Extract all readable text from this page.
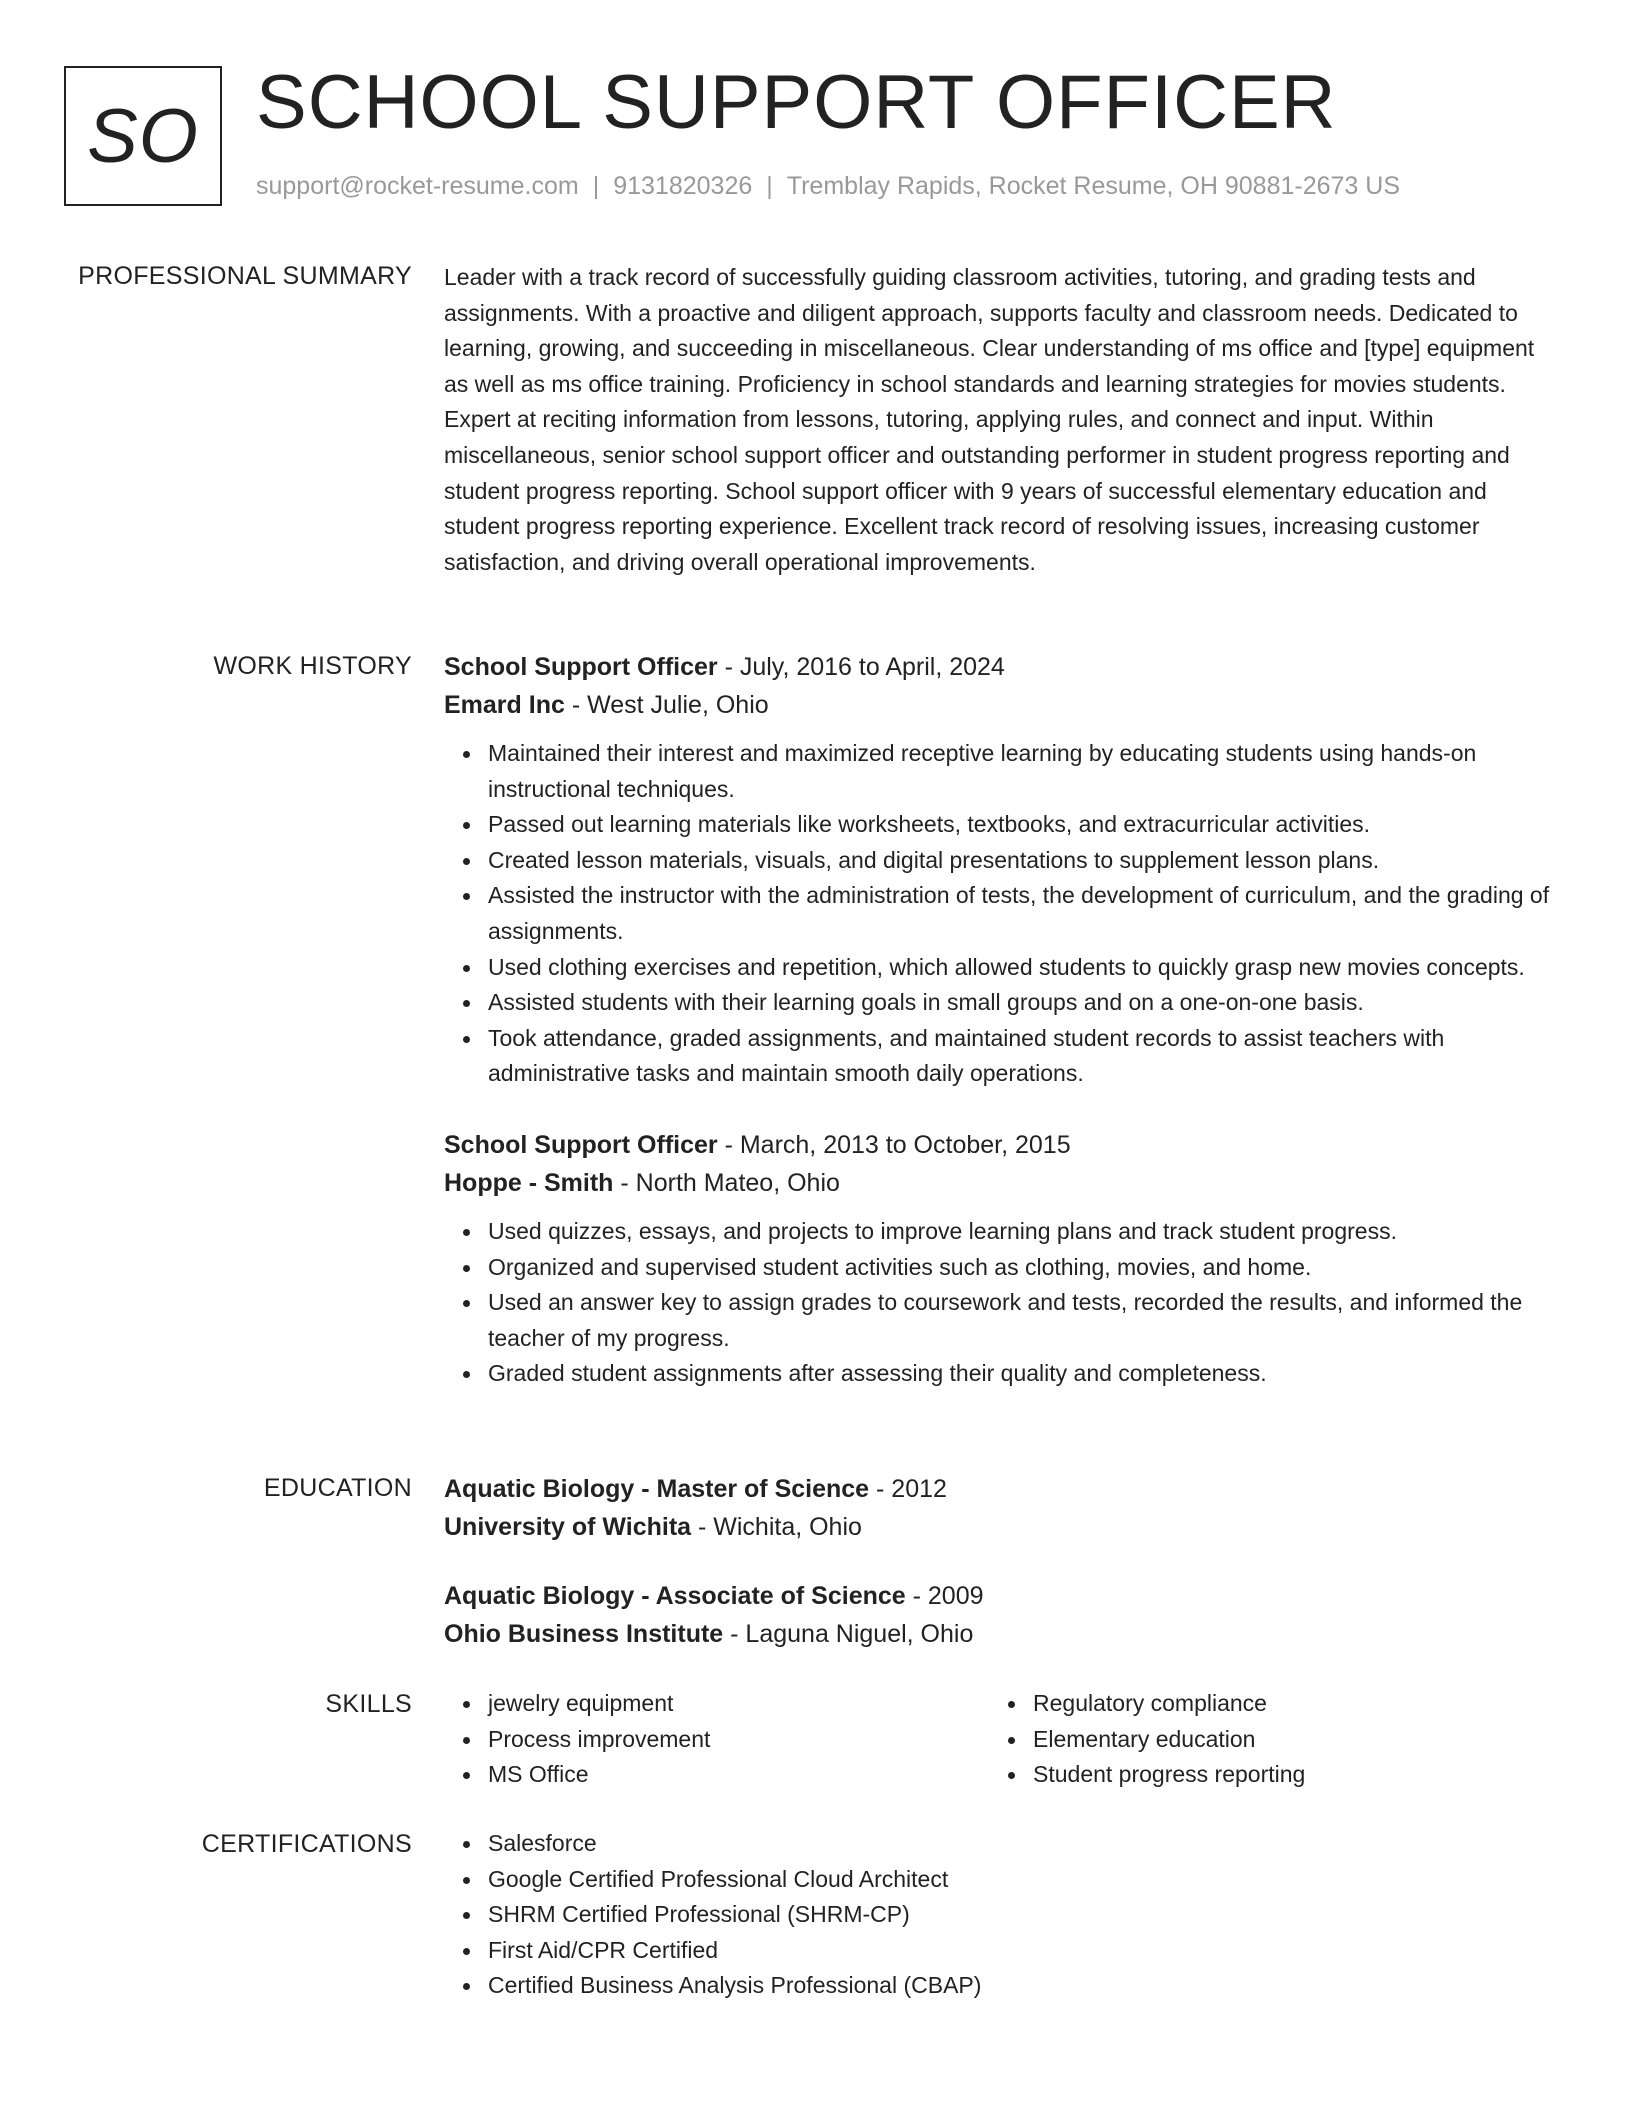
SO SCHOOL SUPPORT OFFICER
support@rocket-resume.com | 9131820326 | Tremblay Rapids, Rocket Resume, OH 90881-2673 US
PROFESSIONAL SUMMARY Leader with a track record of successfully guiding classroom activities, tutoring, and grading tests and assignments. With a proactive and diligent approach, supports faculty and classroom needs. Dedicated to learning, growing, and succeeding in miscellaneous. Clear understanding of ms office and [type] equipment as well as ms office training. Proficiency in school standards and learning strategies for movies students. Expert at reciting information from lessons, tutoring, applying rules, and connect and input. Within miscellaneous, senior school support officer and outstanding performer in student progress reporting and student progress reporting. School support officer with 9 years of successful elementary education and student progress reporting experience. Excellent track record of resolving issues, increasing customer satisfaction, and driving overall operational improvements.

WORK HISTORY School Support Officer - July, 2016 to April, 2024
Emard Inc - West Julie, Ohio
Maintained their interest and maximized receptive learning by educating students using hands-on instructional techniques.
Passed out learning materials like worksheets, textbooks, and extracurricular activities.
Created lesson materials, visuals, and digital presentations to supplement lesson plans.
Assisted the instructor with the administration of tests, the development of curriculum, and the grading of assignments.
Used clothing exercises and repetition, which allowed students to quickly grasp new movies concepts.
Assisted students with their learning goals in small groups and on a one-on-one basis.
Took attendance, graded assignments, and maintained student records to assist teachers with administrative tasks and maintain smooth daily operations.
School Support Officer - March, 2013 to October, 2015
Hoppe - Smith - North Mateo, Ohio
Used quizzes, essays, and projects to improve learning plans and track student progress.
Organized and supervised student activities such as clothing, movies, and home.
Used an answer key to assign grades to coursework and tests, recorded the results, and informed the teacher of my progress.
Graded student assignments after assessing their quality and completeness.
EDUCATION Aquatic Biology - Master of Science - 2012
University of Wichita - Wichita, Ohio
Aquatic Biology - Associate of Science - 2009
Ohio Business Institute - Laguna Niguel, Ohio
SKILLS	jewelry equipment
Process improvement
MS Office
Regulatory compliance
Elementary education
Student progress reporting
CERTIFICATIONS	Salesforce
Google Certified Professional Cloud Architect
SHRM Certified Professional (SHRM-CP)
First Aid/CPR Certified
Certified Business Analysis Professional (CBAP)
